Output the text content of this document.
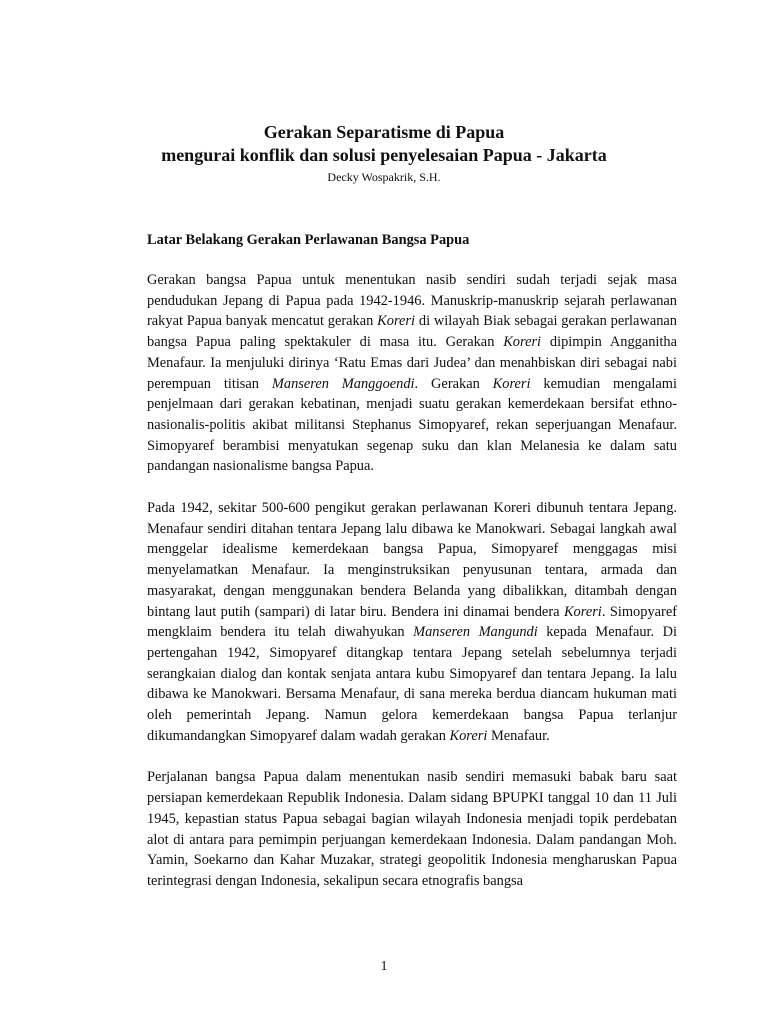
Gerakan Separatisme di Papua

mengurai konflik dan solusi penyelesaian Papua - Jakarta

Decky Wospakrik, S.H.

Latar Belakang Gerakan Perlawanan Bangsa Papua

Gerakan bangsa Papua untuk menentukan nasib sendiri sudah terjadi sejak masa pendudukan Jepang di Papua pada 1942-1946. Manuskrip-manuskrip sejarah perlawanan rakyat Papua banyak mencatut gerakan Koreri di wilayah Biak sebagai gerakan perlawanan bangsa Papua paling spektakuler di masa itu. Gerakan Koreri dipimpin Angganitha Menafaur. Ia menjuluki dirinya ‘Ratu Emas dari Judea’ dan menahbiskan diri sebagai nabi perempuan titisan Manseren Manggoendi. Gerakan Koreri kemudian mengalami penjelmaan dari gerakan kebatinan, menjadi suatu gerakan kemerdekaan bersifat ethno-nasionalis-politis akibat militansi Stephanus Simopyaref, rekan seperjuangan Menafaur. Simopyaref berambisi menyatukan segenap suku dan klan Melanesia ke dalam satu pandangan nasionalisme bangsa Papua.

Pada 1942, sekitar 500-600 pengikut gerakan perlawanan Koreri dibunuh tentara Jepang. Menafaur sendiri ditahan tentara Jepang lalu dibawa ke Manokwari. Sebagai langkah awal menggelar idealisme kemerdekaan bangsa Papua, Simopyaref menggagas misi menyelamatkan Menafaur. Ia menginstruksikan penyusunan tentara, armada dan masyarakat, dengan menggunakan bendera Belanda yang dibalikkan, ditambah dengan bintang laut putih (sampari) di latar biru. Bendera ini dinamai bendera Koreri. Simopyaref mengklaim bendera itu telah diwahyukan Manseren Mangundi kepada Menafaur. Di pertengahan 1942, Simopyaref ditangkap tentara Jepang setelah sebelumnya terjadi serangkaian dialog dan kontak senjata antara kubu Simopyaref dan tentara Jepang. Ia lalu dibawa ke Manokwari. Bersama Menafaur, di sana mereka berdua diancam hukuman mati oleh pemerintah Jepang. Namun gelora kemerdekaan bangsa Papua terlanjur dikumandangkan Simopyaref dalam wadah gerakan Koreri Menafaur.

Perjalanan bangsa Papua dalam menentukan nasib sendiri memasuki babak baru saat persiapan kemerdekaan Republik Indonesia. Dalam sidang BPUPKI tanggal 10 dan 11 Juli 1945, kepastian status Papua sebagai bagian wilayah Indonesia menjadi topik perdebatan alot di antara para pemimpin perjuangan kemerdekaan Indonesia. Dalam pandangan Moh. Yamin, Soekarno dan Kahar Muzakar, strategi geopolitik Indonesia mengharuskan Papua terintegrasi dengan Indonesia, sekalipun secara etnografis bangsa

1
